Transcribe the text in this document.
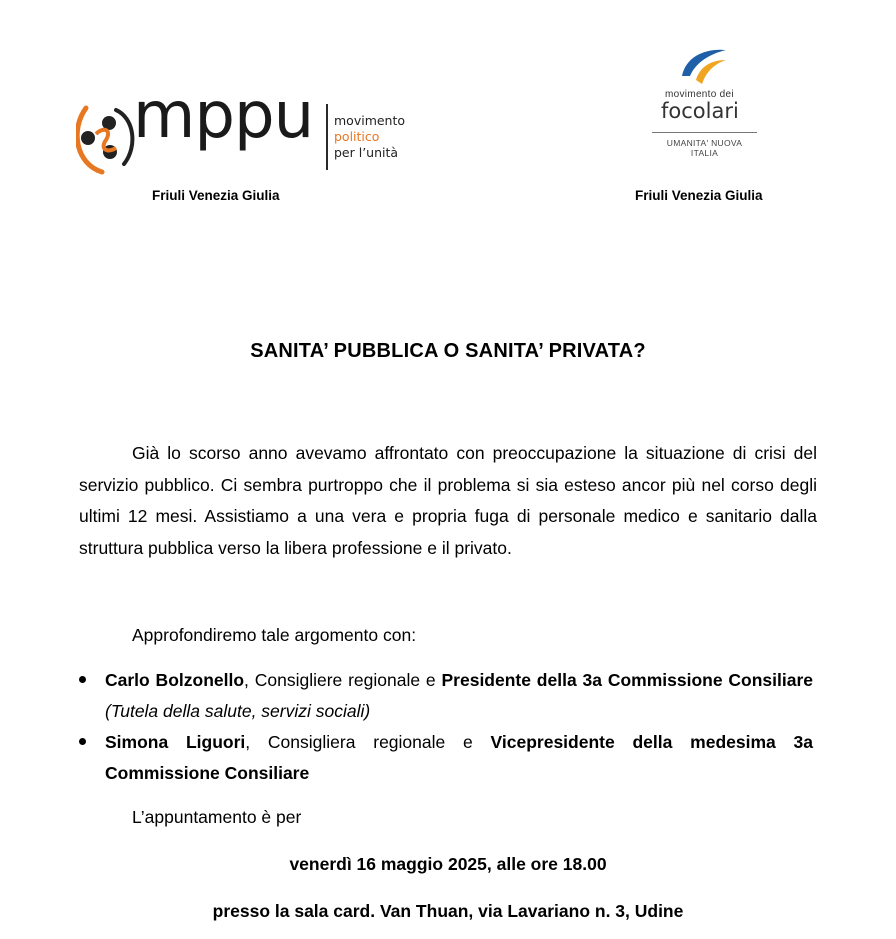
mppu movimento
politico
per l’unità
Friuli Venezia Giulia
movimento dei
focolari
UMANITA' NUOVA
ITALIA
Friuli Venezia Giulia
SANITA’ PUBBLICA O SANITA’ PRIVATA?
Già lo scorso anno avevamo affrontato con preoccupazione la situazione di crisi del servizio pubblico. Ci sembra purtroppo che il problema si sia esteso ancor più nel corso degli ultimi 12 mesi. Assistiamo a una vera e propria fuga di personale medico e sanitario dalla struttura pubblica verso la libera professione e il privato.
Approfondiremo tale argomento con:
Carlo Bolzonello, Consigliere regionale e Presidente della 3a Commissione Consiliare (Tutela della salute, servizi sociali)
Simona Liguori, Consigliera regionale e Vicepresidente della medesima 3a Commissione Consiliare
L’appuntamento è per
venerdì 16 maggio 2025, alle ore 18.00
presso la sala card. Van Thuan, via Lavariano n. 3, Udine
